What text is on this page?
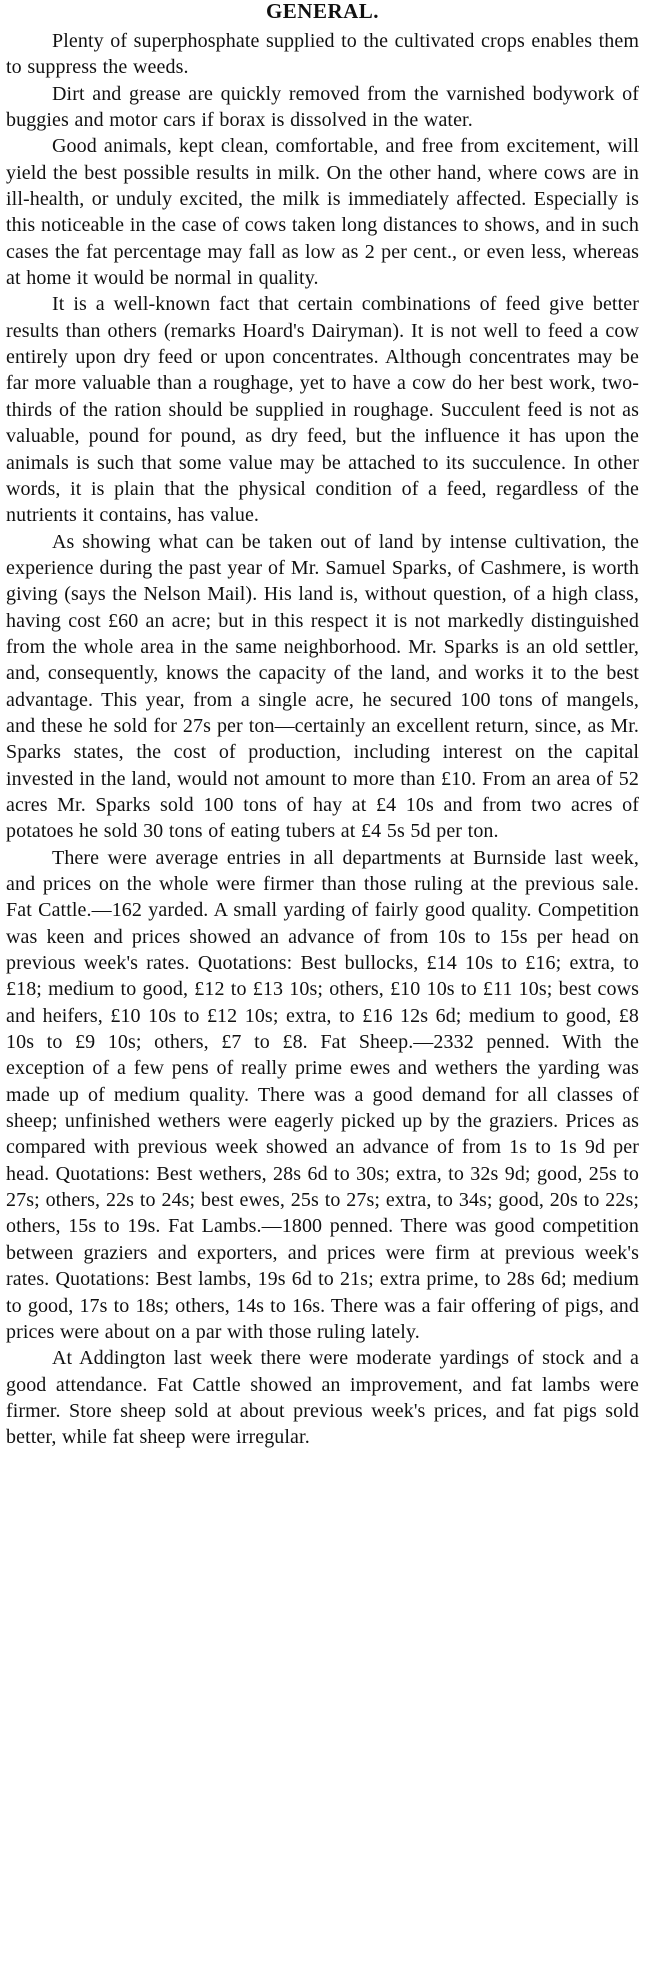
GENERAL.

Plenty of superphosphate supplied to the cultivated crops enables them to suppress the weeds.

Dirt and grease are quickly removed from the varnished bodywork of buggies and motor cars if borax is dissolved in the water.

Good animals, kept clean, comfortable, and free from excitement, will yield the best possible results in milk. On the other hand, where cows are in ill-health, or unduly excited, the milk is immediately affected. Especially is this noticeable in the case of cows taken long distances to shows, and in such cases the fat percentage may fall as low as 2 per cent., or even less, whereas at home it would be normal in quality.

It is a well-known fact that certain combinations of feed give better results than others (remarks Hoard's Dairyman). It is not well to feed a cow entirely upon dry feed or upon concentrates. Although concentrates may be far more valuable than a roughage, yet to have a cow do her best work, two-thirds of the ration should be supplied in roughage. Succulent feed is not as valuable, pound for pound, as dry feed, but the influence it has upon the animals is such that some value may be attached to its succulence. In other words, it is plain that the physical condition of a feed, regardless of the nutrients it contains, has value.

As showing what can be taken out of land by intense cultivation, the experience during the past year of Mr. Samuel Sparks, of Cashmere, is worth giving (says the Nelson Mail). His land is, without question, of a high class, having cost £60 an acre; but in this respect it is not markedly distinguished from the whole area in the same neighborhood. Mr. Sparks is an old settler, and, consequently, knows the capacity of the land, and works it to the best advantage. This year, from a single acre, he secured 100 tons of mangels, and these he sold for 27s per ton—certainly an excellent return, since, as Mr. Sparks states, the cost of production, including interest on the capital invested in the land, would not amount to more than £10. From an area of 52 acres Mr. Sparks sold 100 tons of hay at £4 10s and from two acres of potatoes he sold 30 tons of eating tubers at £4 5s 5d per ton.

There were average entries in all departments at Burnside last week, and prices on the whole were firmer than those ruling at the previous sale. Fat Cattle.—162 yarded. A small yarding of fairly good quality. Competition was keen and prices showed an advance of from 10s to 15s per head on previous week's rates. Quotations: Best bullocks, £14 10s to £16; extra, to £18; medium to good, £12 to £13 10s; others, £10 10s to £11 10s; best cows and heifers, £10 10s to £12 10s; extra, to £16 12s 6d; medium to good, £8 10s to £9 10s; others, £7 to £8. Fat Sheep.—2332 penned. With the exception of a few pens of really prime ewes and wethers the yarding was made up of medium quality. There was a good demand for all classes of sheep; unfinished wethers were eagerly picked up by the graziers. Prices as compared with previous week showed an advance of from 1s to 1s 9d per head. Quotations: Best wethers, 28s 6d to 30s; extra, to 32s 9d; good, 25s to 27s; others, 22s to 24s; best ewes, 25s to 27s; extra, to 34s; good, 20s to 22s; others, 15s to 19s. Fat Lambs.—1800 penned. There was good competition between graziers and exporters, and prices were firm at previous week's rates. Quotations: Best lambs, 19s 6d to 21s; extra prime, to 28s 6d; medium to good, 17s to 18s; others, 14s to 16s. There was a fair offering of pigs, and prices were about on a par with those ruling lately.

At Addington last week there were moderate yardings of stock and a good attendance. Fat Cattle showed an improvement, and fat lambs were firmer. Store sheep sold at about previous week's prices, and fat pigs sold better, while fat sheep were irregular.
